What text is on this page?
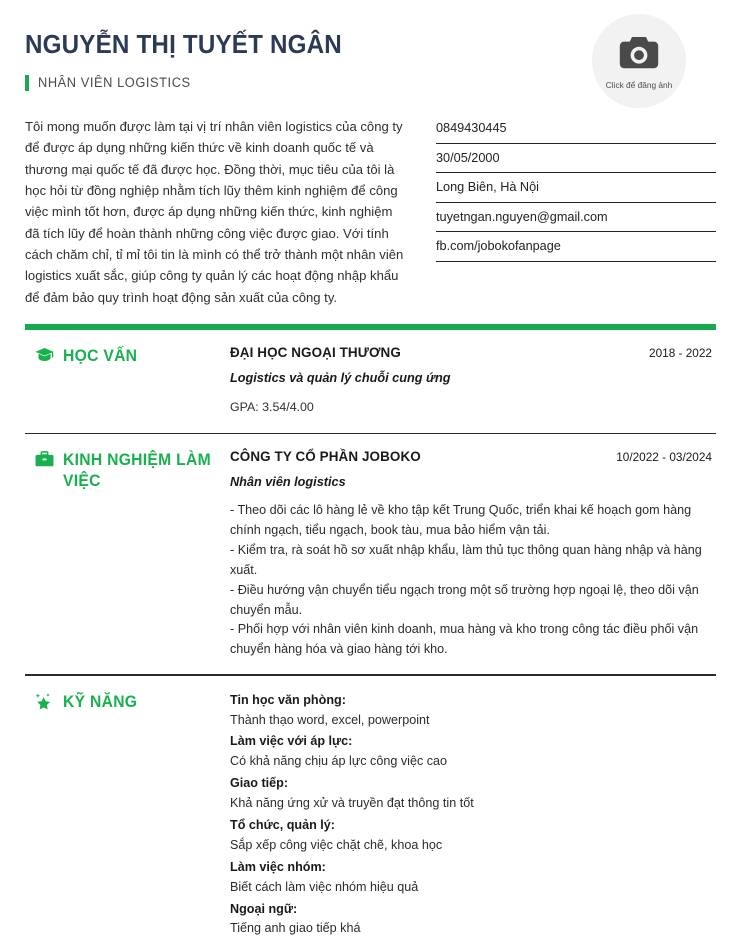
NGUYỄN THỊ TUYẾT NGÂN
NHÂN VIÊN LOGISTICS	Click để đăng ảnh
Tôi mong muốn được làm tại vị trí nhân viên logistics của công ty để được áp dụng những kiến thức về kinh doanh quốc tế và thương mại quốc tế đã được học. Đồng thời, mục tiêu của tôi là học hỏi từ đồng nghiệp nhằm tích lũy thêm kinh nghiệm để công việc mình tốt hơn, được áp dụng những kiến thức, kinh nghiệm đã tích lũy để hoàn thành những công việc được giao. Với tính cách chăm chỉ, tỉ mỉ tôi tin là mình có thể trở thành một nhân viên logistics xuất sắc, giúp công ty quản lý các hoạt động nhập khẩu để đảm bảo quy trình hoạt động sản xuất của công ty.
0849430445
30/05/2000
Long Biên, Hà Nội
tuyetngan.nguyen@gmail.com
fb.com/jobokofanpage
HỌC VẤN	ĐẠI HỌC NGOẠI THƯƠNG	2018 - 2022
Logistics và quản lý chuỗi cung ứng
GPA: 3.54/4.00
KINH NGHIỆM LÀM VIỆC
CÔNG TY CỔ PHẦN JOBOKO	10/2022 - 03/2024
Nhân viên logistics

- Theo dõi các lô hàng lẻ về kho tập kết Trung Quốc, triển khai kế hoạch gom hàng chính ngạch, tiểu ngạch, book tàu, mua bảo hiểm vận tải.

- Kiểm tra, rà soát hồ sơ xuất nhập khẩu, làm thủ tục thông quan hàng nhập và hàng xuất.

- Điều hướng vận chuyển tiểu ngạch trong một số trường hợp ngoại lệ, theo dõi vận chuyển mẫu.

- Phối hợp với nhân viên kinh doanh, mua hàng và kho trong công tác điều phối vận chuyển hàng hóa và giao hàng tới kho.

KỸ NĂNG	Tin học văn phòng:
Thành thạo word, excel, powerpoint
Làm việc với áp lực:
Có khả năng chịu áp lực công việc cao
Giao tiếp:
Khả năng ứng xử và truyền đạt thông tin tốt
Tổ chức, quản lý:
Sắp xếp công việc chặt chẽ, khoa học
Làm việc nhóm:
Biết cách làm việc nhóm hiệu quả
Ngoại ngữ:
Tiếng anh giao tiếp khá
